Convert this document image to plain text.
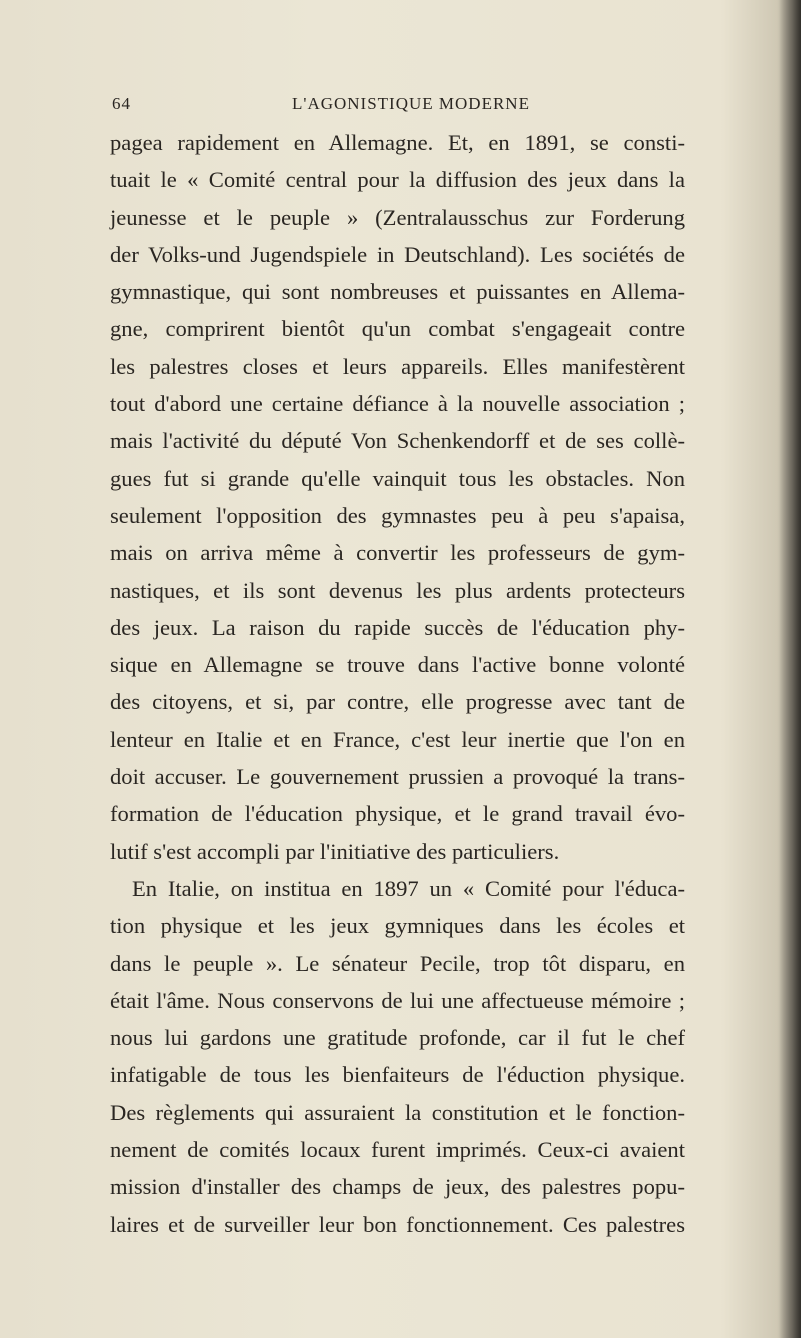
64	L'AGONISTIQUE MODERNE
pagea rapidement en Allemagne. Et, en 1891, se consti-
tuait le « Comité central pour la diffusion des jeux dans la
jeunesse et le peuple » (Zentralausschus zur Forderung
der Volks-und Jugendspiele in Deutschland). Les sociétés de
gymnastique, qui sont nombreuses et puissantes en Allema-
gne, comprirent bientôt qu'un combat s'engageait contre
les palestres closes et leurs appareils. Elles manifestèrent
tout d'abord une certaine défiance à la nouvelle association ;
mais l'activité du député Von Schenkendorff et de ses collè-
gues fut si grande qu'elle vainquit tous les obstacles. Non
seulement l'opposition des gymnastes peu à peu s'apaisa,
mais on arriva même à convertir les professeurs de gym-
nastiques, et ils sont devenus les plus ardents protecteurs
des jeux. La raison du rapide succès de l'éducation phy-
sique en Allemagne se trouve dans l'active bonne volonté
des citoyens, et si, par contre, elle progresse avec tant de
lenteur en Italie et en France, c'est leur inertie que l'on en
doit accuser. Le gouvernement prussien a provoqué la trans-
formation de l'éducation physique, et le grand travail évo-
lutif s'est accompli par l'initiative des particuliers.
En Italie, on institua en 1897 un « Comité pour l'éduca-
tion physique et les jeux gymniques dans les écoles et
dans le peuple ». Le sénateur Pecile, trop tôt disparu, en
était l'âme. Nous conservons de lui une affectueuse mémoire ;
nous lui gardons une gratitude profonde, car il fut le chef
infatigable de tous les bienfaiteurs de l'éduction physique.
Des règlements qui assuraient la constitution et le fonction-
nement de comités locaux furent imprimés. Ceux-ci avaient
mission d'installer des champs de jeux, des palestres popu-
laires et de surveiller leur bon fonctionnement. Ces palestres
